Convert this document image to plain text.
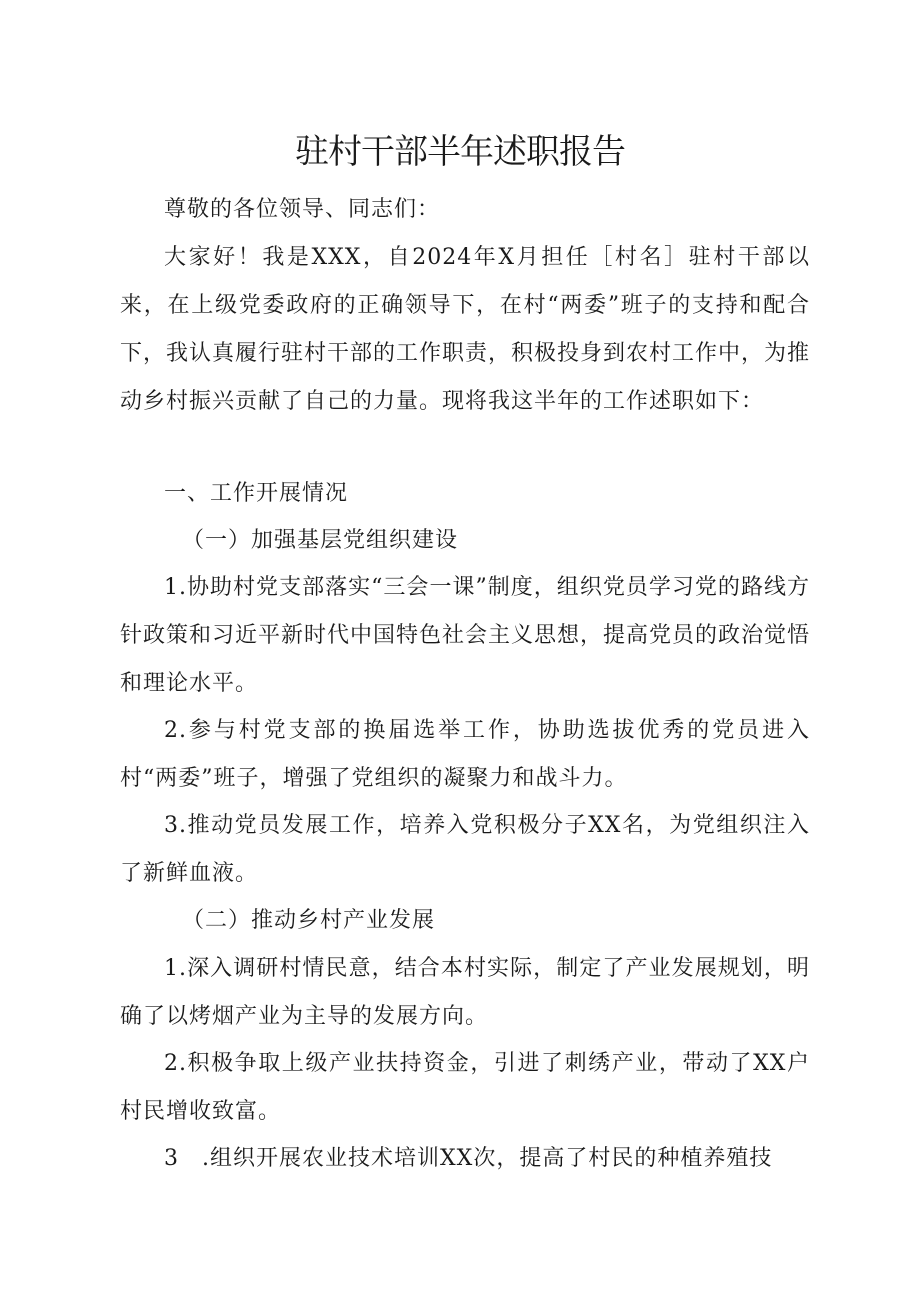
驻村干部半年述职报告

尊敬的各位领导、同志们：

大家好！我是XXX，自2024年X月担任［村名］驻村干部以来，在上级党委政府的正确领导下，在村“两委”班子的支持和配合下，我认真履行驻村干部的工作职责，积极投身到农村工作中，为推动乡村振兴贡献了自己的力量。现将我这半年的工作述职如下：

一、工作开展情况

（一）加强基层党组织建设

1.协助村党支部落实“三会一课”制度，组织党员学习党的路线方针政策和习近平新时代中国特色社会主义思想，提高党员的政治觉悟和理论水平。

2.参与村党支部的换届选举工作，协助选拔优秀的党员进入村“两委”班子，增强了党组织的凝聚力和战斗力。

3.推动党员发展工作，培养入党积极分子XX名，为党组织注入了新鲜血液。

（二）推动乡村产业发展

1.深入调研村情民意，结合本村实际，制定了产业发展规划，明确了以烤烟产业为主导的发展方向。

2.积极争取上级产业扶持资金，引进了刺绣产业，带动了XX户村民增收致富。

3　.组织开展农业技术培训XX次，提高了村民的种植养殖技
